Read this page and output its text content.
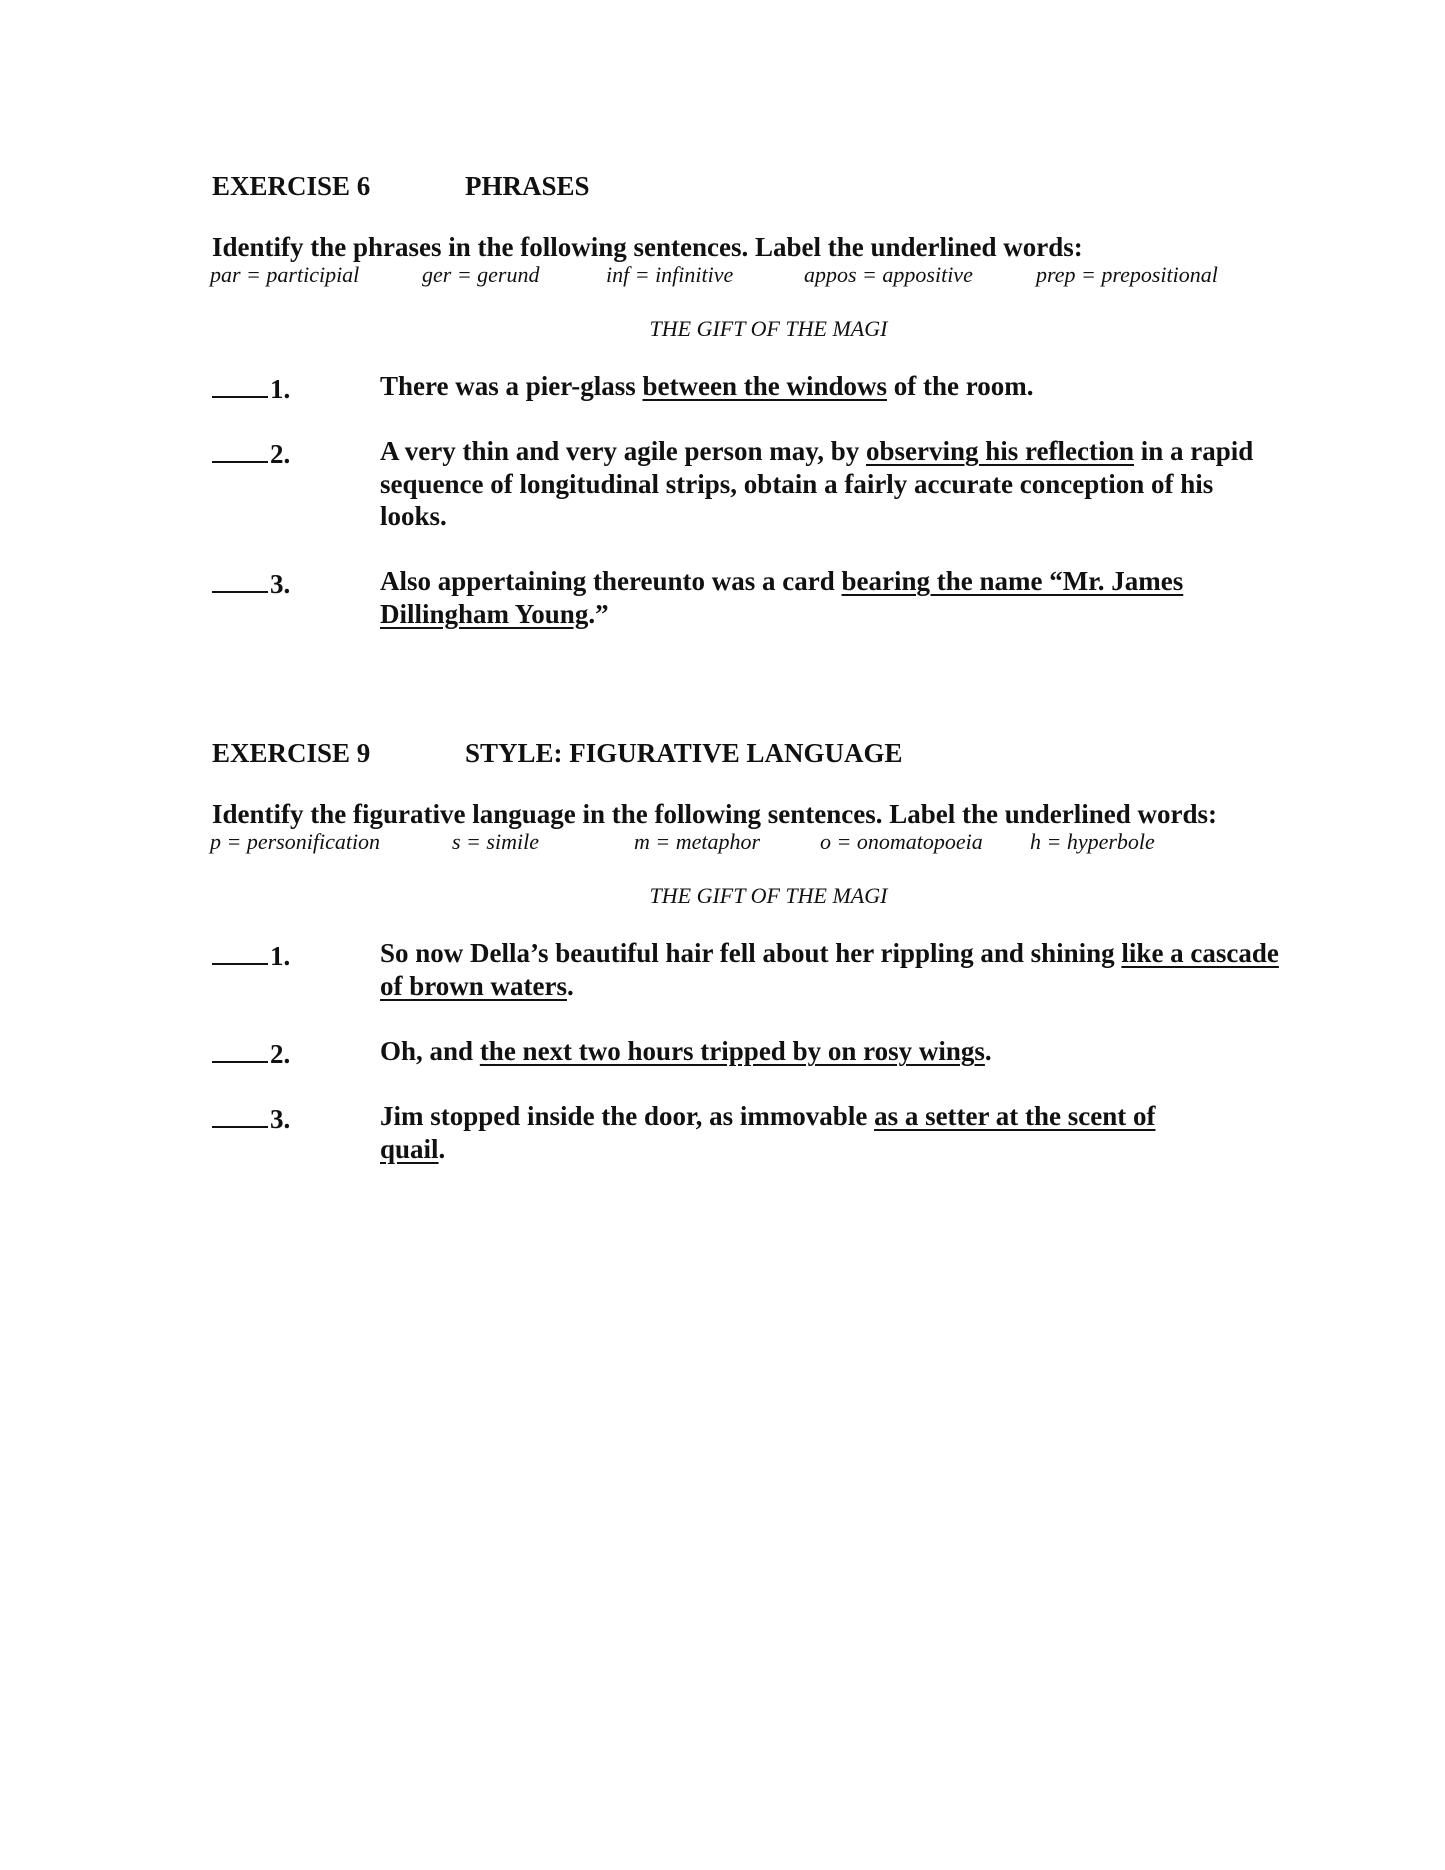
EXERCISE 6	PHRASES
Identify the phrases in the following sentences. Label the underlined words:
par = participial	ger = gerund	inf = infinitive	appos = appositive	prep = prepositional
THE GIFT OF THE MAGI
1.	There was a pier-glass between the windows of the room.
2.	A very thin and very agile person may, by observing his reflection in a rapid sequence of longitudinal strips, obtain a fairly accurate conception of his looks.
3.	Also appertaining thereunto was a card bearing the name “Mr. James Dillingham Young.”
EXERCISE 9	STYLE: FIGURATIVE LANGUAGE
Identify the figurative language in the following sentences. Label the underlined words:
p = personification	s = simile	m = metaphor	o = onomatopoeia h = hyperbole
THE GIFT OF THE MAGI
1.	So now Della’s beautiful hair fell about her rippling and shining like a cascade of brown waters.
2.	Oh, and the next two hours tripped by on rosy wings.
3.	Jim stopped inside the door, as immovable as a setter at the scent of quail.
